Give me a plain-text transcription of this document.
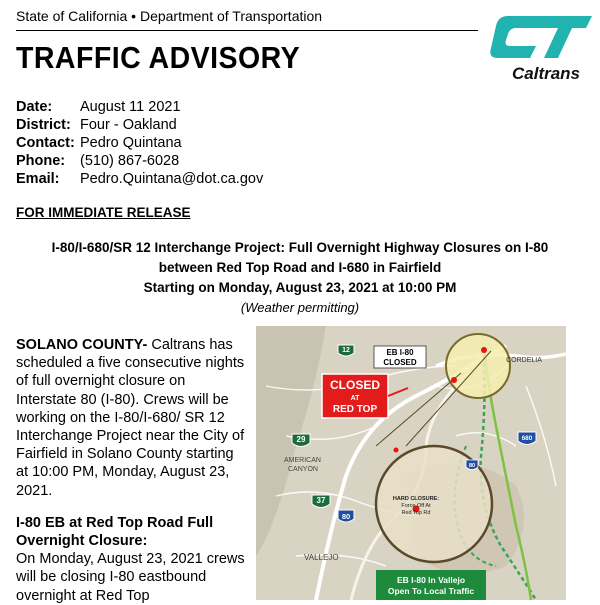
State of California • Department of Transportation
TRAFFIC ADVISORY	Caltrans
Date:	August 11 2021
District: Four - Oakland
Contact: Pedro Quintana
Phone:	(510) 867-6028
Email:	Pedro.Quintana@dot.ca.gov
FOR IMMEDIATE RELEASE
I-80/I-680/SR 12 Interchange Project: Full Overnight Highway Closures on I-80
between Red Top Road and I-680 in Fairfield
Starting on Monday, August 23, 2021 at 10:00 PM
(Weather permitting)

SOLANO COUNTY- Caltrans has scheduled a five consecutive nights of full overnight closure on Interstate 80 (I-80). Crews will be working on the I-80/I-680/ SR 12 Interchange Project near the City of Fairfield in Solano County starting at 10:00 PM, Monday, August 23, 2021.

I-80 EB at Red Top Road Full Overnight Closure:
On Monday, August 23, 2021 crews will be closing I-80 eastbound overnight at Red Top

EB I-80
CLOSED
CLOSED
AT
RED TOP
CORDELIA
AMERICAN
CANYON
VALLEJO
HARD CLOSURE:
Force Off At
Red Top Rd
EB I-80 In Vallejo
Open To Local Traffic
12
29
37
80
80
680
